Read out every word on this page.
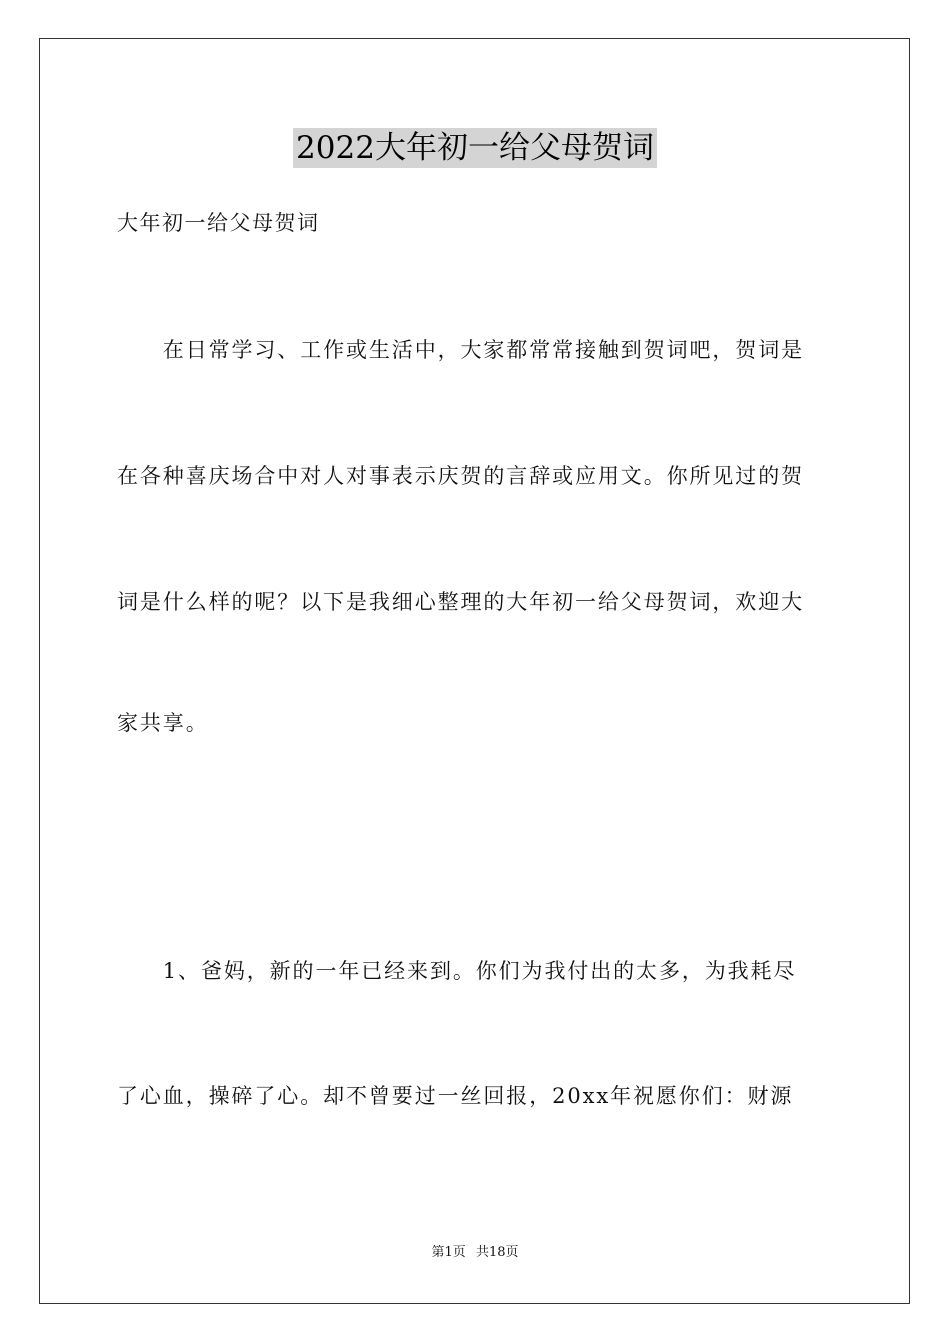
2022大年初一给父母贺词
大年初一给父母贺词
　　在日常学习、工作或生活中，大家都常常接触到贺词吧，贺词是
在各种喜庆场合中对人对事表示庆贺的言辞或应用文。你所见过的贺
词是什么样的呢？以下是我细心整理的大年初一给父母贺词，欢迎大
家共享。
　　1、爸妈，新的一年已经来到。你们为我付出的太多，为我耗尽
了心血，操碎了心。却不曾要过一丝回报，20xx年祝愿你们：财源
第1页 共18页
